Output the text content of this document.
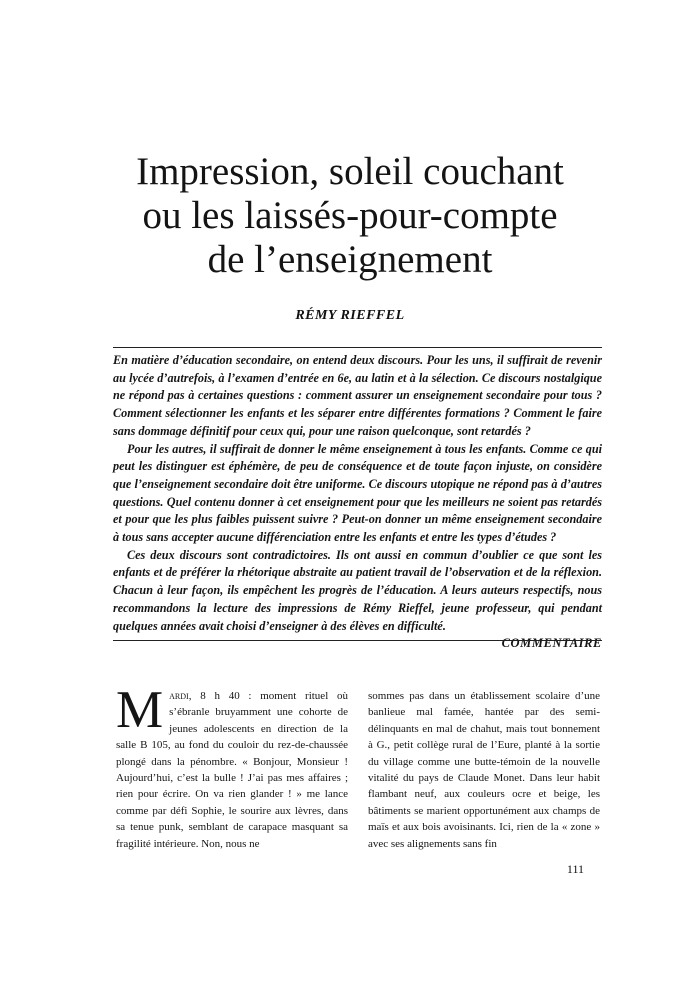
Impression, soleil couchant
ou les laissés-pour-compte
de l’enseignement
RÉMY RIEFFEL

En matière d’éducation secondaire, on entend deux discours. Pour les uns, il suffirait de revenir au lycée d’autrefois, à l’examen d’entrée en 6e, au latin et à la sélection. Ce discours nostalgique ne répond pas à certaines questions : comment assurer un enseignement secondaire pour tous ? Comment sélectionner les enfants et les séparer entre différentes formations ? Comment le faire sans dommage définitif pour ceux qui, pour une raison quelconque, sont retardés ?

Pour les autres, il suffirait de donner le même enseignement à tous les enfants. Comme ce qui peut les distinguer est éphémère, de peu de conséquence et de toute façon injuste, on considère que l’enseignement secondaire doit être uniforme. Ce discours utopique ne répond pas à d’autres questions. Quel contenu donner à cet enseignement pour que les meilleurs ne soient pas retardés et pour que les plus faibles puissent suivre ? Peut-on donner un même enseignement secondaire à tous sans accepter aucune différenciation entre les enfants et entre les types d’études ?

Ces deux discours sont contradictoires. Ils ont aussi en commun d’oublier ce que sont les enfants et de préférer la rhétorique abstraite au patient travail de l’observation et de la réflexion. Chacun à leur façon, ils empêchent les progrès de l’éducation. A leurs auteurs respectifs, nous recommandons la lecture des impressions de Rémy Rieffel, jeune professeur, qui pendant quelques années avait choisi d’enseigner à des élèves en difficulté.

COMMENTAIRE
Mardi, 8 h 40 : moment rituel où s’ébranle bruyamment une cohorte de jeunes adolescents en direction de la salle B 105, au fond du couloir du rez-de-chaussée plongé dans la pénombre. « Bonjour, Monsieur ! Aujourd’hui, c’est la bulle ! J’ai pas mes affaires ; rien pour écrire. On va rien glander ! » me lance comme par défi Sophie, le sourire aux lèvres, dans sa tenue punk, semblant de carapace masquant sa fragilité intérieure. Non, nous ne
sommes pas dans un établissement scolaire d’une banlieue mal famée, hantée par des semi-délinquants en mal de chahut, mais tout bonnement à G., petit collège rural de l’Eure, planté à la sortie du village comme une butte-témoin de la nouvelle vitalité du pays de Claude Monet. Dans leur habit flambant neuf, aux couleurs ocre et beige, les bâtiments se marient opportunément aux champs de maïs et aux bois avoisinants. Ici, rien de la « zone » avec ses alignements sans fin
111
